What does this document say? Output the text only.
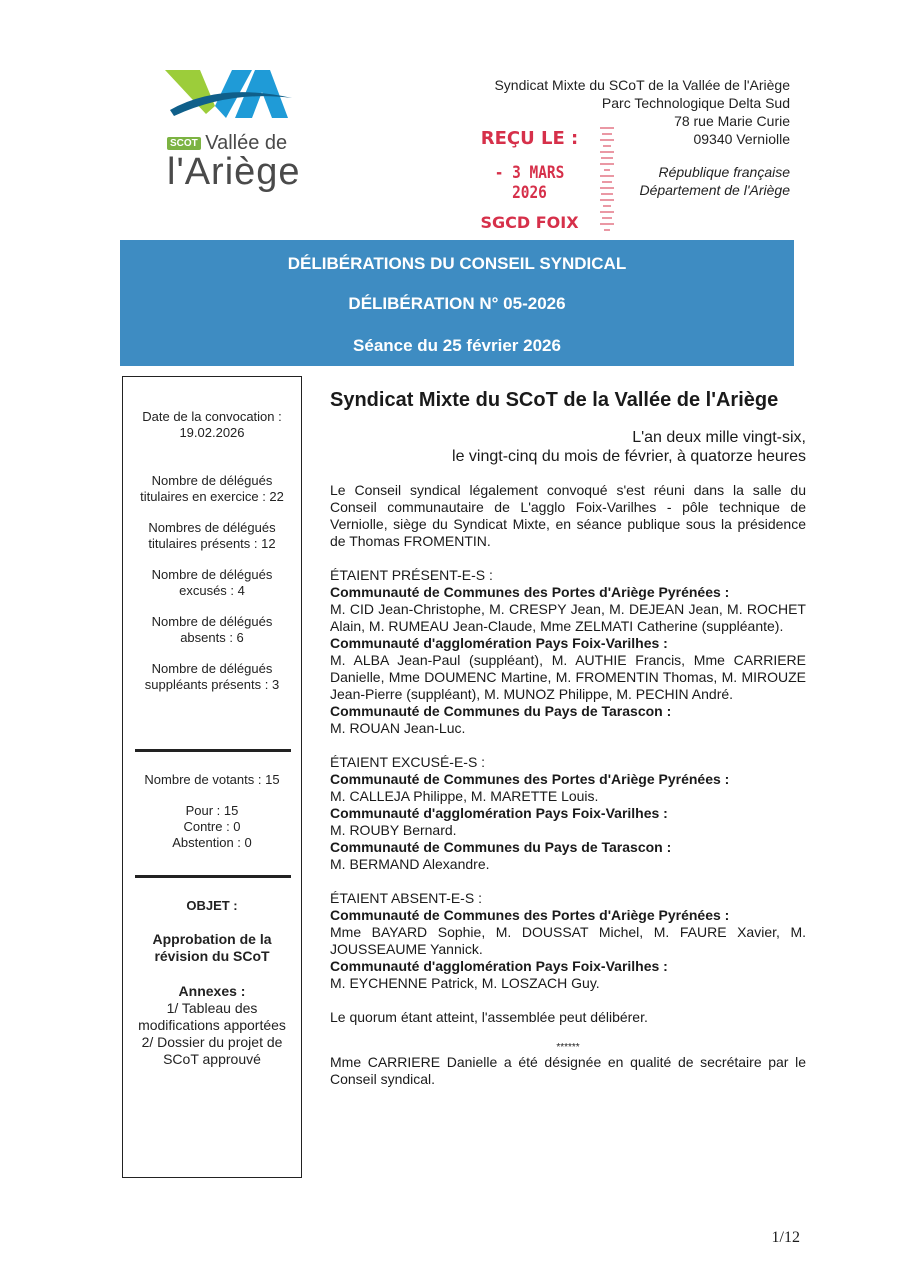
SCOT Vallée de
l'Ariège
Syndicat Mixte du SCoT de la Vallée de l'Ariège
Parc Technologique Delta Sud
78 rue Marie Curie
09340 Verniolle
République française
Département de l'Ariège
REÇU LE :
- 3 MARS 2026
SGCD FOIX
DÉLIBÉRATIONS DU CONSEIL SYNDICAL
DÉLIBÉRATION N° 05-2026
Séance du 25 février 2026
Date de la convocation :
19.02.2026
Nombre de délégués
titulaires en exercice : 22
Nombres de délégués
titulaires présents : 12
Nombre de délégués
excusés : 4
Nombre de délégués
absents : 6
Nombre de délégués
suppléants présents : 3
Nombre de votants : 15
Pour : 15
Contre : 0
Abstention : 0
OBJET :
Approbation de la
révision du SCoT
Annexes :
1/ Tableau des
modifications apportées
2/ Dossier du projet de
SCoT approuvé
Syndicat Mixte du SCoT de la Vallée de l'Ariège
L'an deux mille vingt-six,
le vingt-cinq du mois de février, à quatorze heures
Le Conseil syndical légalement convoqué s'est réuni dans la salle du Conseil communautaire de L'agglo Foix-Varilhes - pôle technique de Verniolle, siège du Syndicat Mixte, en séance publique sous la présidence de Thomas FROMENTIN.
ÉTAIENT PRÉSENT-E-S :
Communauté de Communes des Portes d'Ariège Pyrénées :
M. CID Jean-Christophe, M. CRESPY Jean, M. DEJEAN Jean, M. ROCHET Alain, M. RUMEAU Jean-Claude, Mme ZELMATI Catherine (suppléante).
Communauté d'agglomération Pays Foix-Varilhes :
M. ALBA Jean-Paul (suppléant), M. AUTHIE Francis, Mme CARRIERE Danielle, Mme DOUMENC Martine, M. FROMENTIN Thomas, M. MIROUZE Jean-Pierre (suppléant), M. MUNOZ Philippe, M. PECHIN André.
Communauté de Communes du Pays de Tarascon :
M. ROUAN Jean-Luc.
ÉTAIENT EXCUSÉ-E-S :
Communauté de Communes des Portes d'Ariège Pyrénées :
M. CALLEJA Philippe, M. MARETTE Louis.
Communauté d'agglomération Pays Foix-Varilhes :
M. ROUBY Bernard.
Communauté de Communes du Pays de Tarascon :
M. BERMAND Alexandre.
ÉTAIENT ABSENT-E-S :
Communauté de Communes des Portes d'Ariège Pyrénées :
Mme BAYARD Sophie, M. DOUSSAT Michel, M. FAURE Xavier, M. JOUSSEAUME Yannick.
Communauté d'agglomération Pays Foix-Varilhes :
M. EYCHENNE Patrick, M. LOSZACH Guy.
Le quorum étant atteint, l'assemblée peut délibérer.
******
Mme CARRIERE Danielle a été désignée en qualité de secrétaire par le Conseil syndical.
1/12
